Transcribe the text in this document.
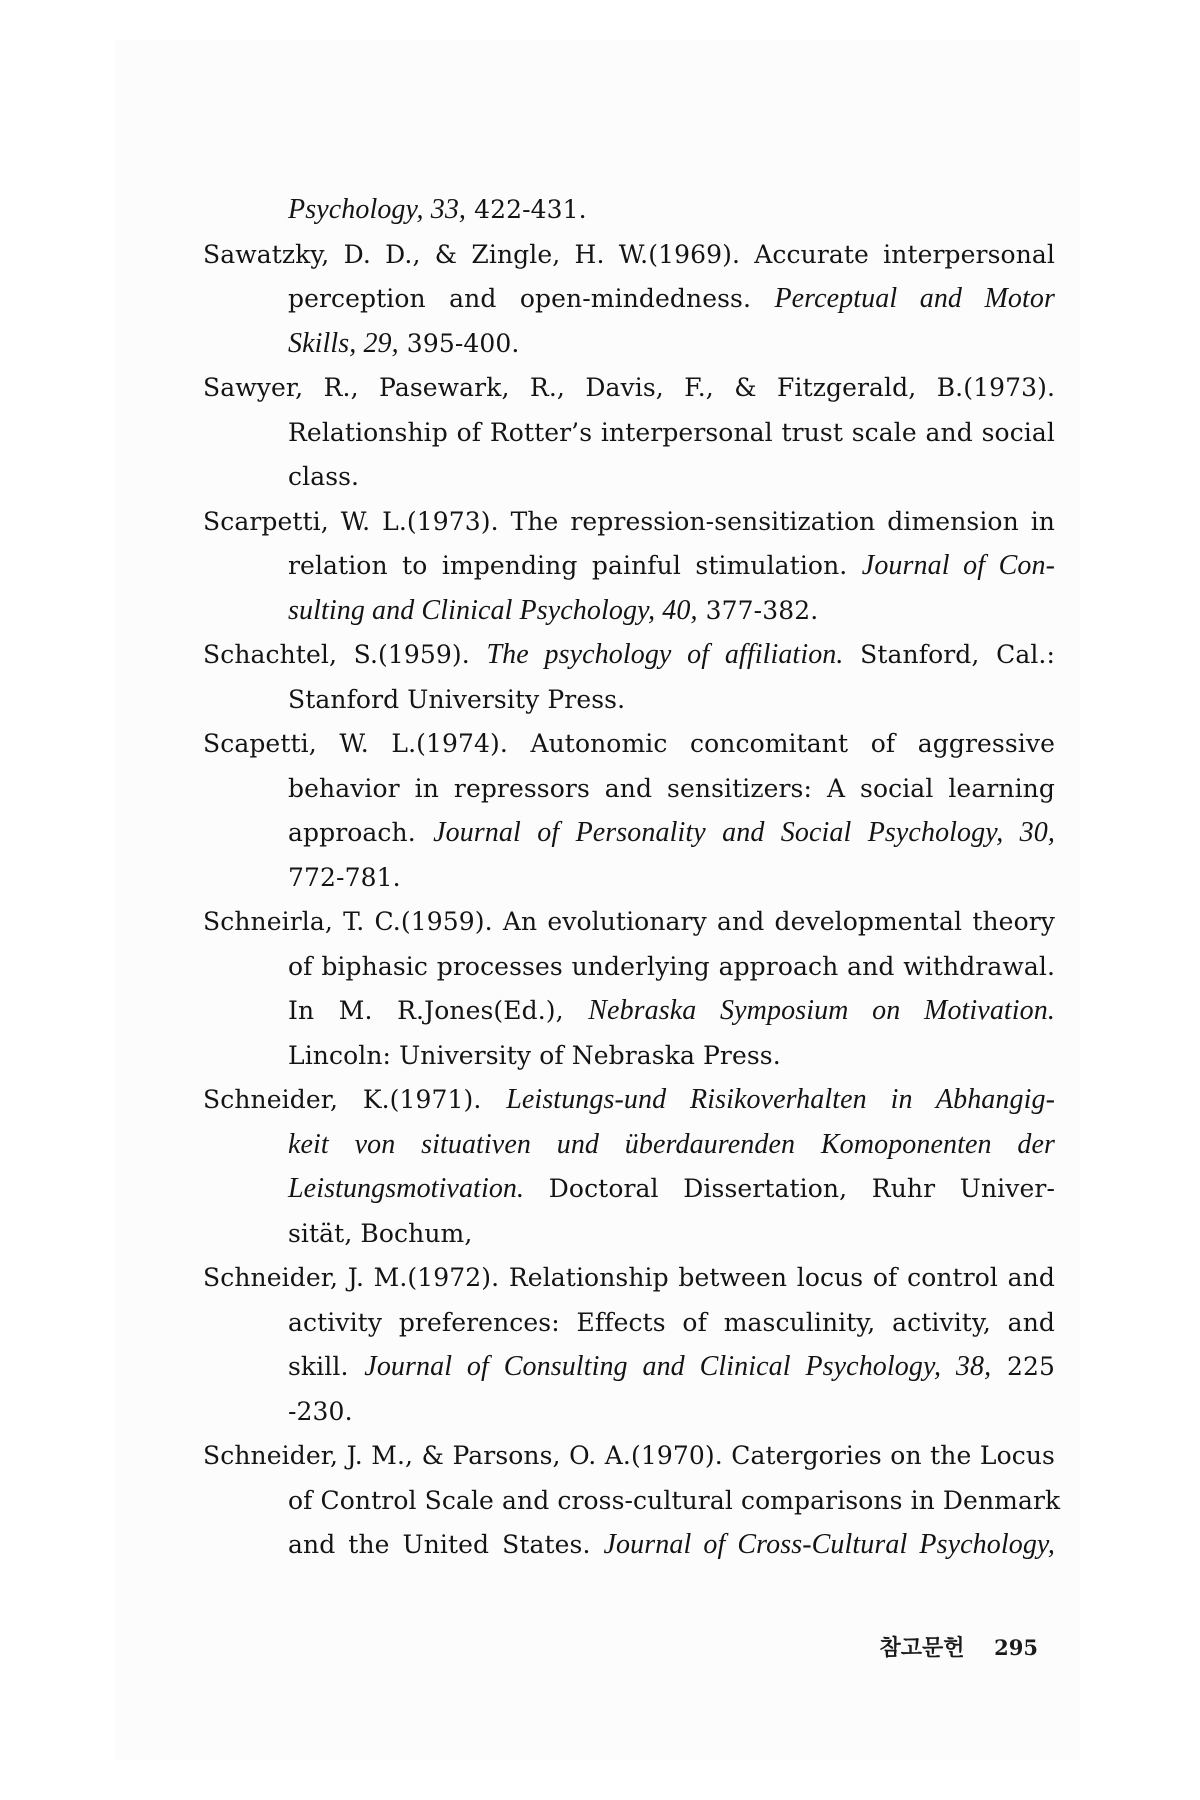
Psychology, 33, 422-431.
Sawatzky, D. D., & Zingle, H. W.(1969). Accurate interpersonal
perception and open-mindedness. Perceptual and Motor
Skills, 29, 395-400.
Sawyer, R., Pasewark, R., Davis, F., & Fitzgerald, B.(1973).
Relationship of Rotter’s interpersonal trust scale and social
class.
Scarpetti, W. L.(1973). The repression-sensitization dimension in
relation to impending painful stimulation. Journal of Con-
sulting and Clinical Psychology, 40, 377-382.
Schachtel, S.(1959). The psychology of affiliation. Stanford, Cal.:
Stanford University Press.
Scapetti, W. L.(1974). Autonomic concomitant of aggressive
behavior in repressors and sensitizers: A social learning
approach. Journal of Personality and Social Psychology, 30,
772-781.
Schneirla, T. C.(1959). An evolutionary and developmental theory
of biphasic processes underlying approach and withdrawal.
In M. R.Jones(Ed.), Nebraska Symposium on Motivation.
Lincoln: University of Nebraska Press.
Schneider, K.(1971). Leistungs-und Risikoverhalten in Abhangig-
keit von situativen und überdaurenden Komoponenten der
Leistungsmotivation. Doctoral Dissertation, Ruhr Univer-
sität, Bochum,
Schneider, J. M.(1972). Relationship between locus of control and
activity preferences: Effects of masculinity, activity, and
skill. Journal of Consulting and Clinical Psychology, 38, 225
-230.
Schneider, J. M., & Parsons, O. A.(1970). Catergories on the Locus
of Control Scale and cross-cultural comparisons in Denmark
and the United States. Journal of Cross-Cultural Psychology,
참고문헌 295
